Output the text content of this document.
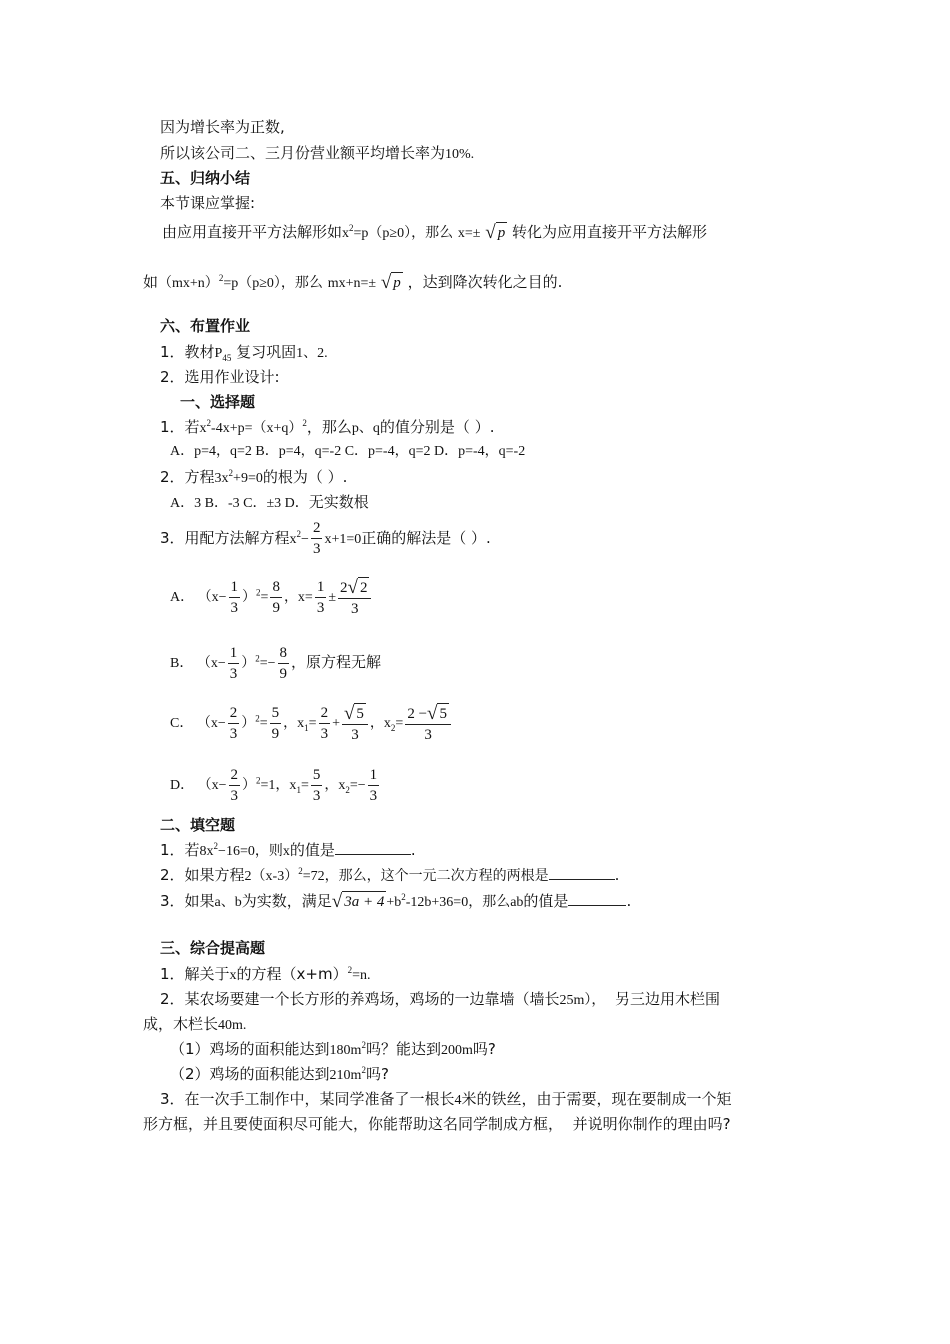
因为增长率为正数,
所以该公司二、三月份营业额平均增长率为10%.
五、归纳小结
本节课应掌握:
由应用直接开平方法解形如$x^2=p(p\ge 0)$，那么 x=± √ p 转化为应用直接开平方法解形
如$(mx+n)^2=p(p\ge 0)$，那么 mx+n=± √ p ，达到降次转化之目的.
六、布置作业
1．教材$P_{45}$ 复习巩固1、2.
2．选用作业设计:
一、选择题
1．若$x^2-4x+p=(x+q)^2$，那么p、q的值分别是（ ）.
A．p=4，q=2 B．p=4，q=-2 C．p=-4，q=2 D．p=-4，q=-2
2．方程$3x^2+9=0$的根为（ ）.
A．3 B．-3 C．±3 D．无实数根
3．用配方法解方程$x^2- \frac{2}{3} x+1=0$正确的解法是（ ）.
A． $(x- \frac{1}{3} )^2= \frac{8}{9}$ ，$x= \frac{1}{3} \pm \frac{2√ 2}{3}$
B． $(x- \frac{1}{3} )^2=- \frac{8}{9}$ ，原方程无解
C． $(x- \frac{2}{3} )^2= \frac{5}{9}$ ，$x_1= \frac{2}{3} + \frac{√ 5}{3}$ ，$x_2= \frac{2 -√ 5}{3}$
D． $(x- \frac{2}{3} )^2=1$，$x_1= \frac{5}{3}$ ，$x_2=- \frac{1}{3}$
二、填空题
1．若$8x^2-16=0$，则x的值是	.
2．如果方程$2(x-3)^2=72$，那么，这个一元二次方程的两根是	.
3．如果a、b为实数，满足√ $3a + 4 +b^2-12b+36=0$，那么ab的值是	.
三、综合提高题
1．解关于x的方程$(x+m)^2=n$.
2．某农场要建一个长方形的养鸡场，鸡场的一边靠墙（墙长25m）， 另三边用木栏围
成，木栏长40m.
（1）鸡场的面积能达到$180m^2$吗？能达到200m吗?
（2）鸡场的面积能达到$210m^2$吗?
3．在一次手工制作中，某同学准备了一根长4米的铁丝，由于需要，现在要制成一个矩
形方框，并且要使面积尽可能大，你能帮助这名同学制成方框， 并说明你制作的理由吗?
